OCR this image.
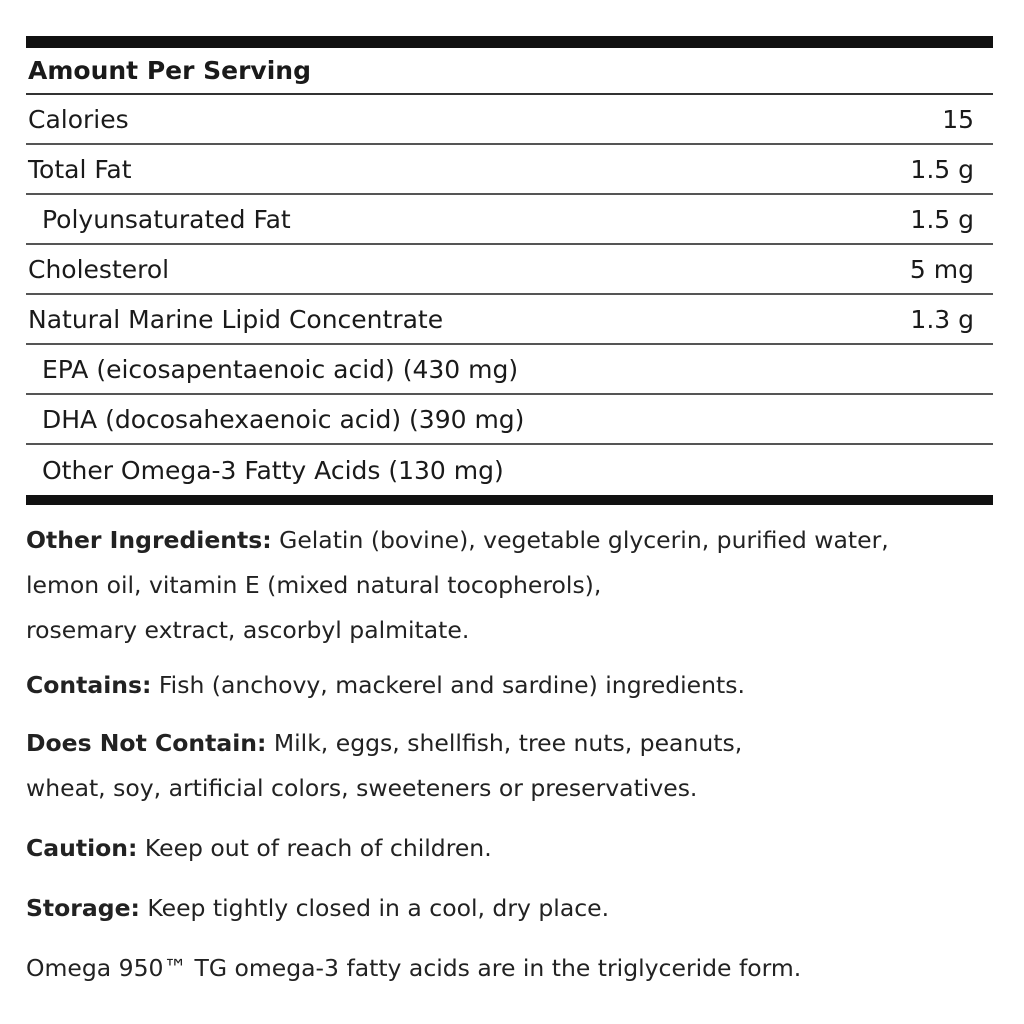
Amount Per Serving
Calories	15
Total Fat	1.5 g
Polyunsaturated Fat	1.5 g
Cholesterol	5 mg
Natural Marine Lipid Concentrate	1.3 g
EPA (eicosapentaenoic acid) (430 mg)
DHA (docosahexaenoic acid) (390 mg)
Other Omega-3 Fatty Acids (130 mg)

Other Ingredients: Gelatin (bovine), vegetable glycerin, purified water,
lemon oil, vitamin E (mixed natural tocopherols),
rosemary extract, ascorbyl palmitate.

Contains: Fish (anchovy, mackerel and sardine) ingredients.

Does Not Contain: Milk, eggs, shellfish, tree nuts, peanuts,
wheat, soy, artificial colors, sweeteners or preservatives.

Caution: Keep out of reach of children.

Storage: Keep tightly closed in a cool, dry place.

Omega 950™ TG omega-3 fatty acids are in the triglyceride form.
